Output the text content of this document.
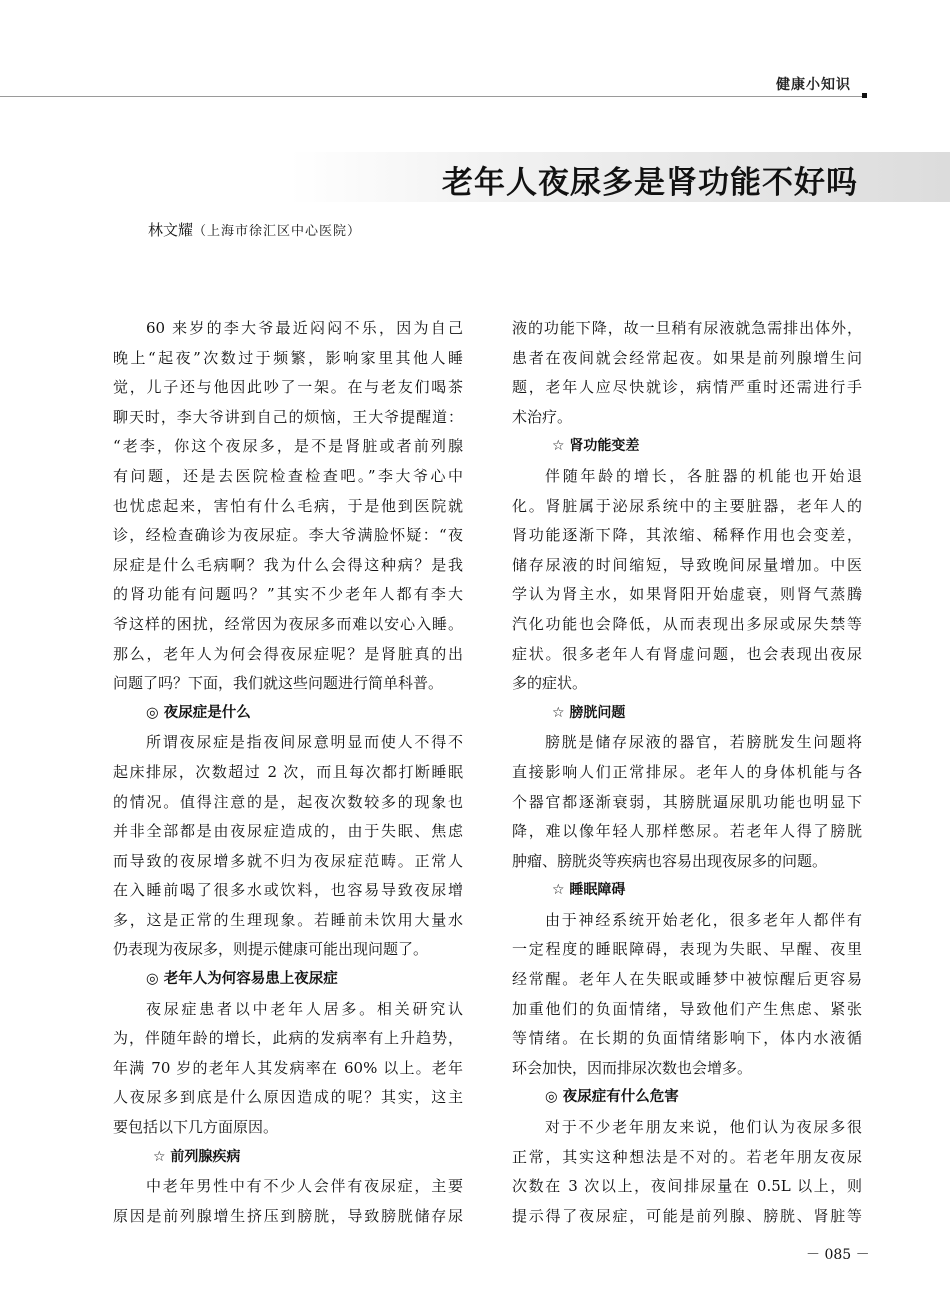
健康小知识
老年人夜尿多是肾功能不好吗
林文耀（上海市徐汇区中心医院）
60 来岁的李大爷最近闷闷不乐，因为自己
晚上“起夜”次数过于频繁，影响家里其他人睡
觉，儿子还与他因此吵了一架。在与老友们喝茶
聊天时，李大爷讲到自己的烦恼，王大爷提醒道：
“老李，你这个夜尿多，是不是肾脏或者前列腺
有问题，还是去医院检查检查吧。”李大爷心中
也忧虑起来，害怕有什么毛病，于是他到医院就
诊，经检查确诊为夜尿症。李大爷满脸怀疑：“夜
尿症是什么毛病啊？我为什么会得这种病？是我
的肾功能有问题吗？”其实不少老年人都有李大
爷这样的困扰，经常因为夜尿多而难以安心入睡。
那么，老年人为何会得夜尿症呢？是肾脏真的出
问题了吗？下面，我们就这些问题进行简单科普。
◎ 夜尿症是什么
所谓夜尿症是指夜间尿意明显而使人不得不
起床排尿，次数超过 2 次，而且每次都打断睡眠
的情况。值得注意的是，起夜次数较多的现象也
并非全部都是由夜尿症造成的，由于失眠、焦虑
而导致的夜尿增多就不归为夜尿症范畴。正常人
在入睡前喝了很多水或饮料，也容易导致夜尿增
多，这是正常的生理现象。若睡前未饮用大量水
仍表现为夜尿多，则提示健康可能出现问题了。
◎ 老年人为何容易患上夜尿症
夜尿症患者以中老年人居多。相关研究认
为，伴随年龄的增长，此病的发病率有上升趋势，
年满 70 岁的老年人其发病率在 60% 以上。老年
人夜尿多到底是什么原因造成的呢？其实，这主
要包括以下几方面原因。
☆ 前列腺疾病
中老年男性中有不少人会伴有夜尿症，主要
原因是前列腺增生挤压到膀胱，导致膀胱储存尿
液的功能下降，故一旦稍有尿液就急需排出体外，
患者在夜间就会经常起夜。如果是前列腺增生问
题，老年人应尽快就诊，病情严重时还需进行手
术治疗。
☆ 肾功能变差
伴随年龄的增长，各脏器的机能也开始退
化。肾脏属于泌尿系统中的主要脏器，老年人的
肾功能逐渐下降，其浓缩、稀释作用也会变差，
储存尿液的时间缩短，导致晚间尿量增加。中医
学认为肾主水，如果肾阳开始虚衰，则肾气蒸腾
汽化功能也会降低，从而表现出多尿或尿失禁等
症状。很多老年人有肾虚问题，也会表现出夜尿
多的症状。
☆ 膀胱问题
膀胱是储存尿液的器官，若膀胱发生问题将
直接影响人们正常排尿。老年人的身体机能与各
个器官都逐渐衰弱，其膀胱逼尿肌功能也明显下
降，难以像年轻人那样憋尿。若老年人得了膀胱
肿瘤、膀胱炎等疾病也容易出现夜尿多的问题。
☆ 睡眠障碍
由于神经系统开始老化，很多老年人都伴有
一定程度的睡眠障碍，表现为失眠、早醒、夜里
经常醒。老年人在失眠或睡梦中被惊醒后更容易
加重他们的负面情绪，导致他们产生焦虑、紧张
等情绪。在长期的负面情绪影响下，体内水液循
环会加快，因而排尿次数也会增多。
◎ 夜尿症有什么危害
对于不少老年朋友来说，他们认为夜尿多很
正常，其实这种想法是不对的。若老年朋友夜尿
次数在 3 次以上，夜间排尿量在 0.5L 以上，则
提示得了夜尿症，可能是前列腺、膀胱、肾脏等
－ 085 －
